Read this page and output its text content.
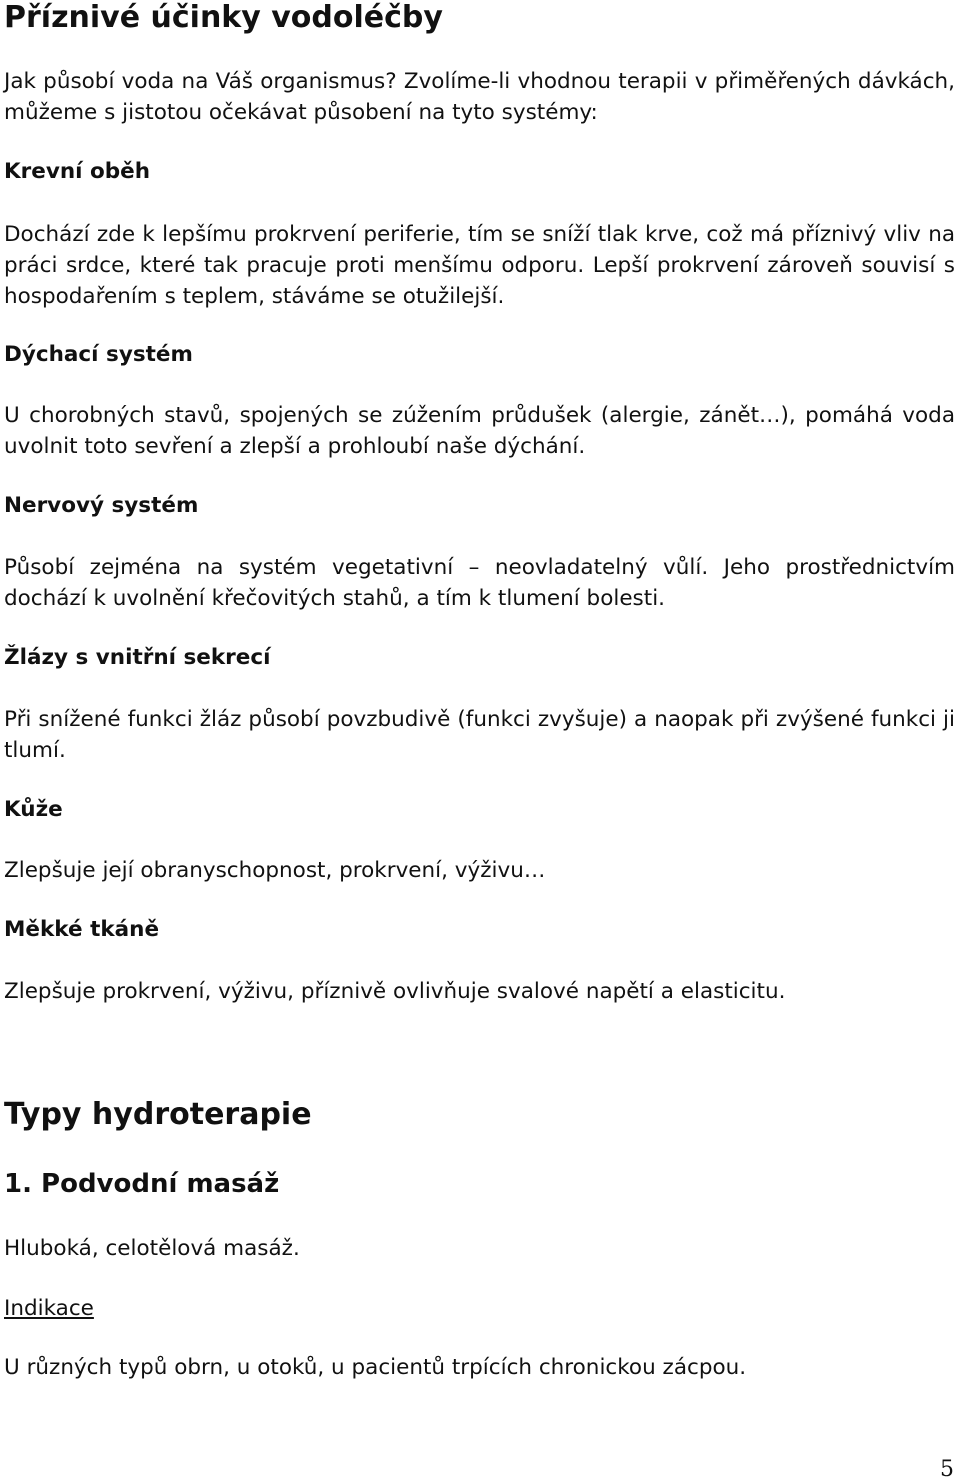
Příznivé účinky vodoléčby

Jak působí voda na Váš organismus? Zvolíme-li vhodnou terapii v přiměřených dávkách, můžeme s jistotou očekávat působení na tyto systémy:

Krevní oběh

Dochází zde k lepšímu prokrvení periferie, tím se sníží tlak krve, což má příznivý vliv na práci srdce, které tak pracuje proti menšímu odporu. Lepší prokrvení zároveň souvisí s hospodařením s teplem, stáváme se otužilejší.

Dýchací systém

U chorobných stavů, spojených se zúžením průdušek (alergie, zánět…), pomáhá voda uvolnit toto sevření a zlepší a prohloubí naše dýchání.

Nervový systém

Působí zejména na systém vegetativní – neovladatelný vůlí. Jeho prostřednictvím dochází k uvolnění křečovitých stahů, a tím k tlumení bolesti.

Žlázy s vnitřní sekrecí

Při snížené funkci žláz působí povzbudivě (funkci zvyšuje) a naopak při zvýšené funkci ji tlumí.

Kůže

Zlepšuje její obranyschopnost, prokrvení, výživu…

Měkké tkáně

Zlepšuje prokrvení, výživu, příznivě ovlivňuje svalové napětí a elasticitu.

Typy hydroterapie
1. Podvodní masáž

Hluboká, celotělová masáž.

Indikace

U různých typů obrn, u otoků, u pacientů trpících chronickou zácpou.

5
